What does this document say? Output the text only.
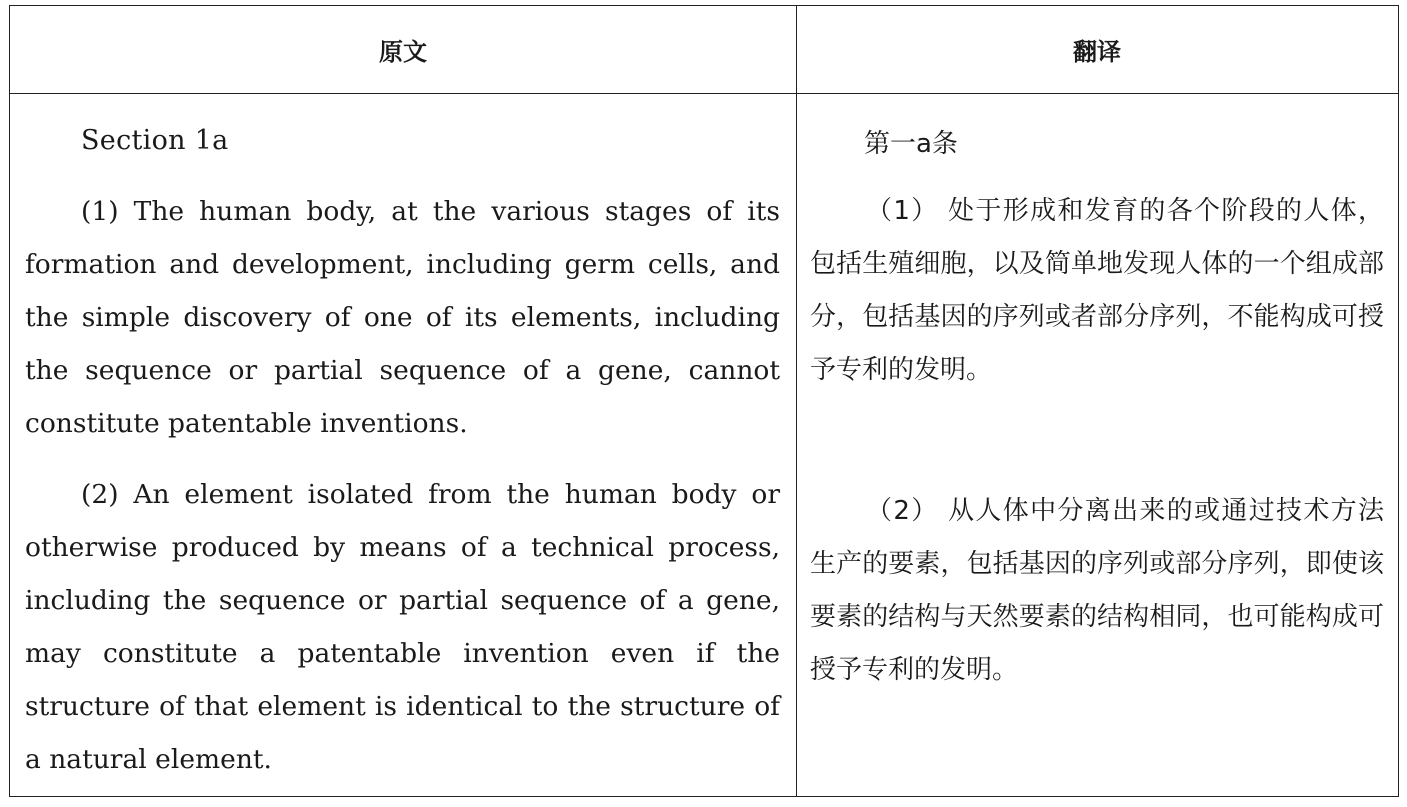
原文	翻译
Section 1a

(1) The human body, at the various stages of its formation and development, including germ cells, and the simple discovery of one of its elements, including the sequence or partial sequence of a gene, cannot constitute patentable inventions.

(2) An element isolated from the human body or otherwise produced by means of a technical process, including the sequence or partial sequence of a gene, may constitute a patentable invention even if the structure of that element is identical to the structure of a natural element.

第一a条

（1） 处于形成和发育的各个阶段的人体，包括生殖细胞，以及简单地发现人体的一个组成部分，包括基因的序列或者部分序列，不能构成可授予专利的发明。

（2） 从人体中分离出来的或通过技术方法生产的要素，包括基因的序列或部分序列，即使该要素的结构与天然要素的结构相同，也可能构成可授予专利的发明。
